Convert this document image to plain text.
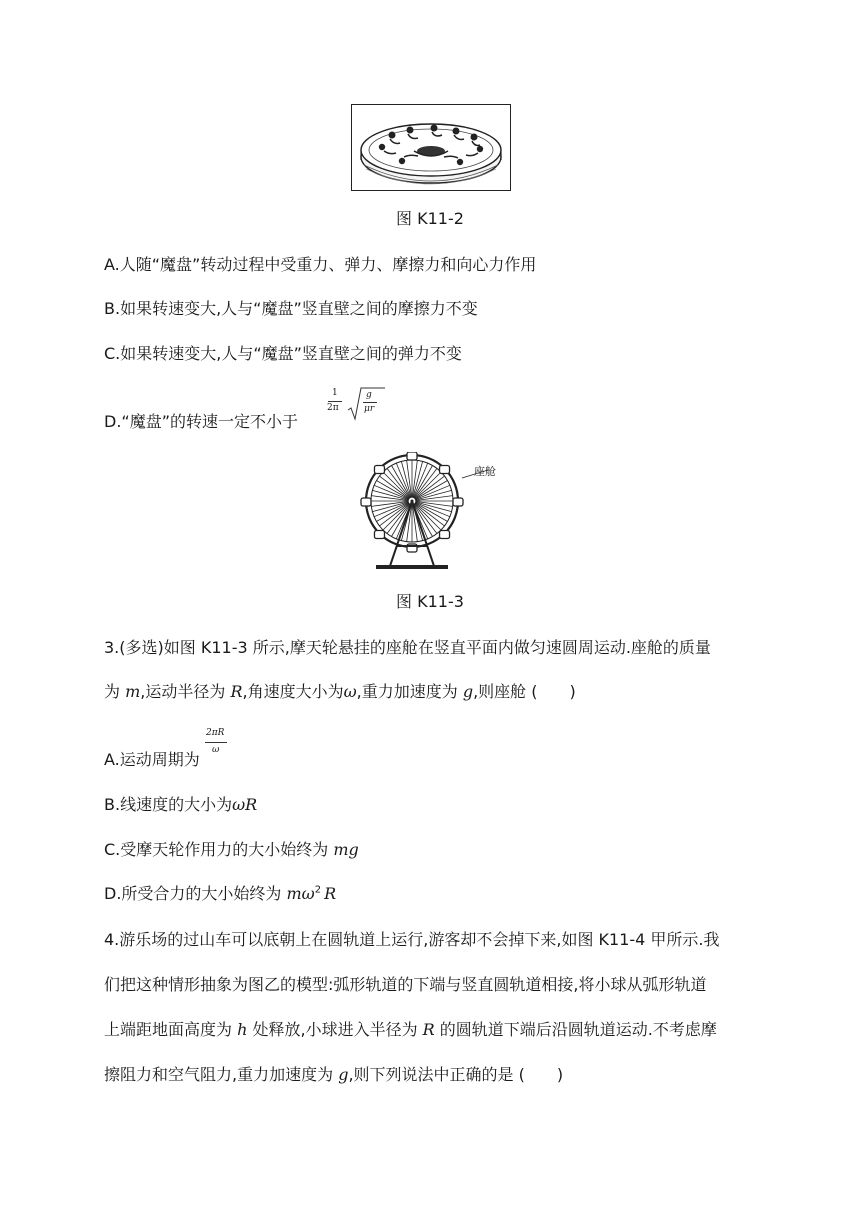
图 K11-2
A.人随“魔盘”转动过程中受重力、弹力、摩擦力和向心力作用
B.如果转速变大,人与“魔盘”竖直壁之间的摩擦力不变
C.如果转速变大,人与“魔盘”竖直壁之间的弹力不变
D.“魔盘”的转速一定不小于
1
2π
g
μr
座舱
图 K11-3
3.(多选)如图 K11-3 所示,摩天轮悬挂的座舱在竖直平面内做匀速圆周运动.座舱的质量
为 m,运动半径为 R,角速度大小为ω,重力加速度为 g,则座舱 (　　)
A.运动周期为
2πR
ω
B.线速度的大小为ωR
C.受摩天轮作用力的大小始终为 mg
D.所受合力的大小始终为 $m\omega^2$ R
4.游乐场的过山车可以底朝上在圆轨道上运行,游客却不会掉下来,如图 K11-4 甲所示.我
们把这种情形抽象为图乙的模型:弧形轨道的下端与竖直圆轨道相接,将小球从弧形轨道
上端距地面高度为 h 处释放,小球进入半径为 R 的圆轨道下端后沿圆轨道运动.不考虑摩
擦阻力和空气阻力,重力加速度为 g,则下列说法中正确的是 (　　)
